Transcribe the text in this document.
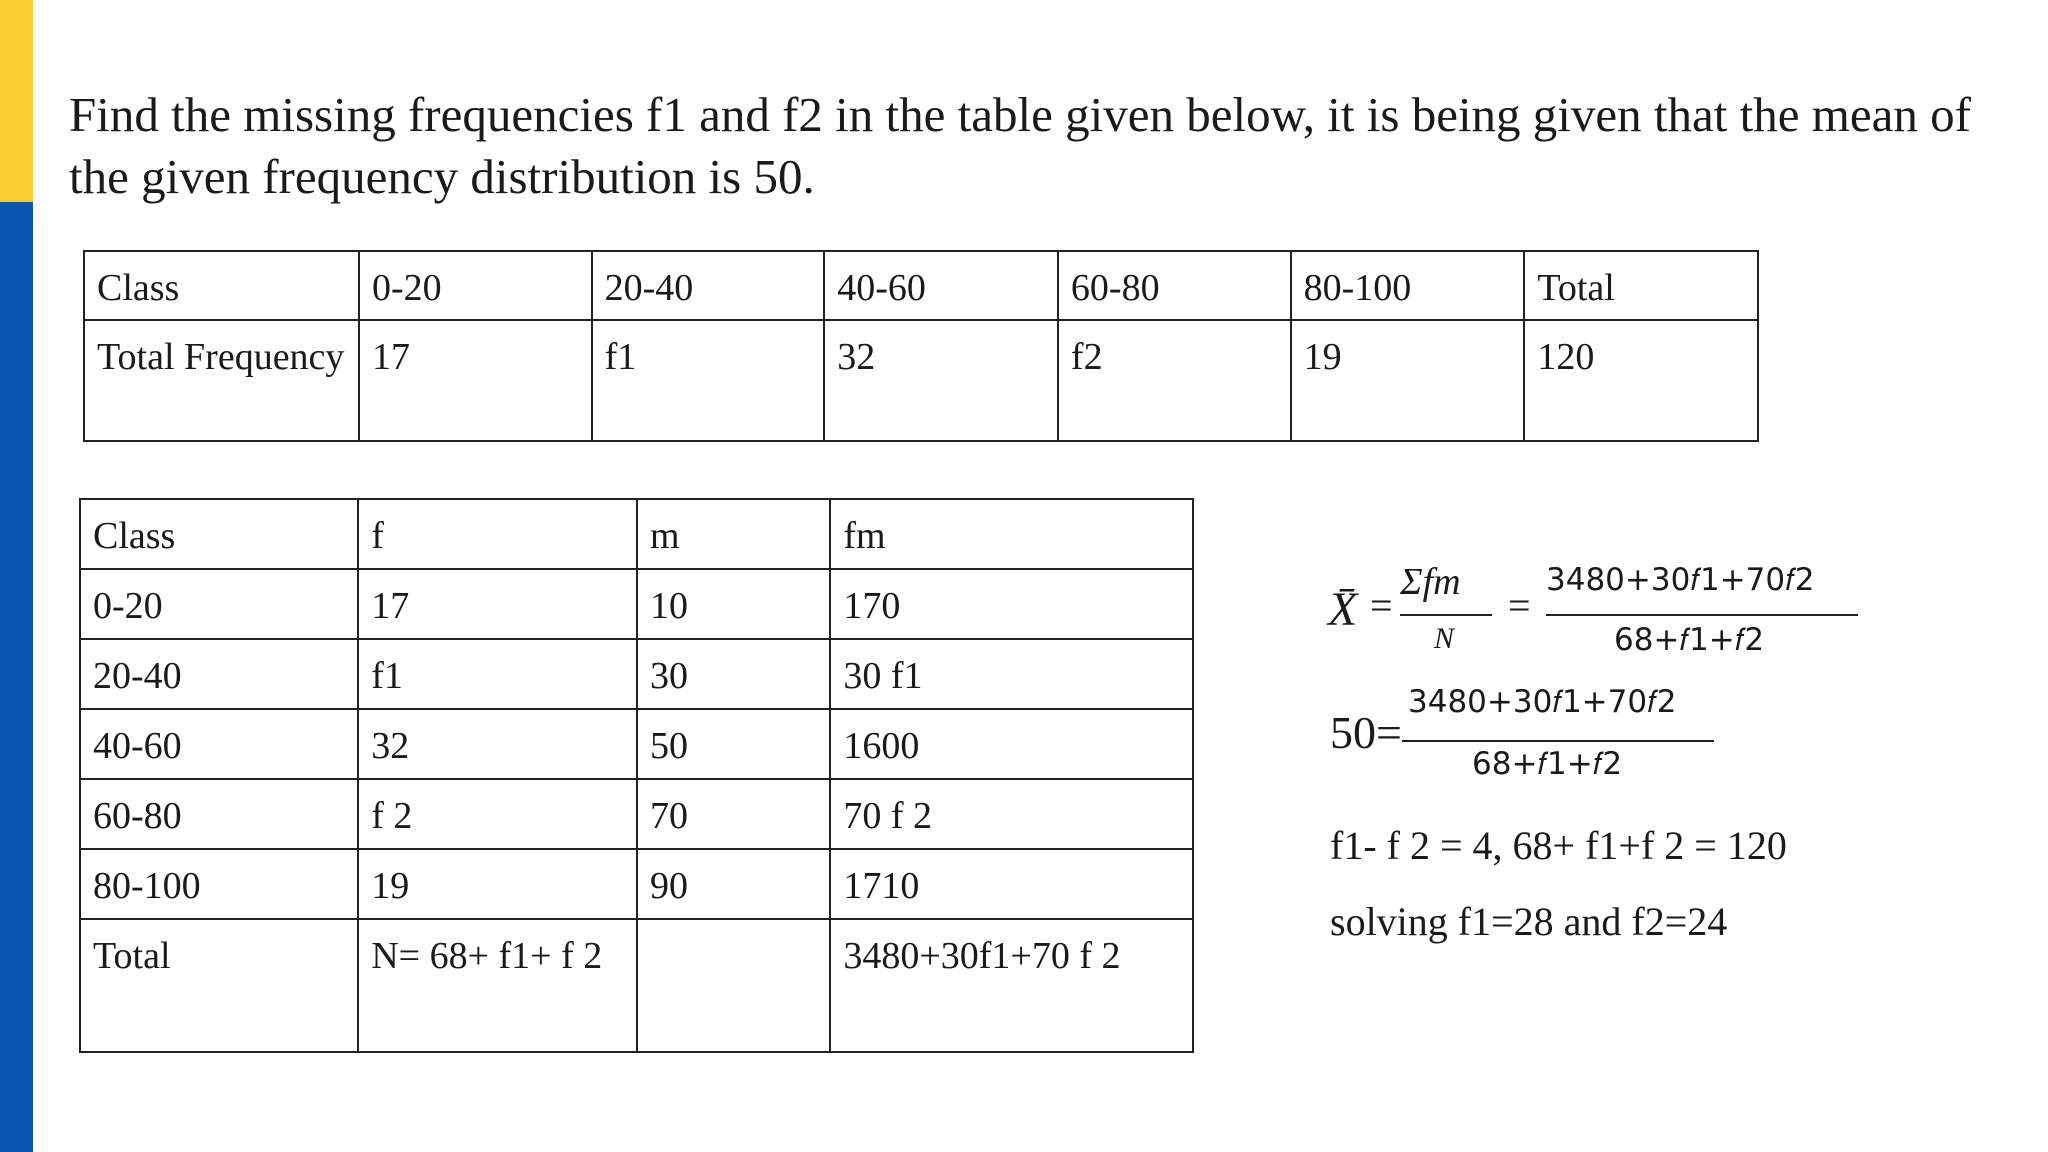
Find the missing frequencies f1 and f2 in the table given below, it is being given that the mean of the given frequency distribution is 50.

Class	0-20	20-40	40-60	60-80	80-100	Total
Total Frequency	17	f1	32	f2	19	120
Class	f	m	fm
0-20	17	10	170
20-40	f1	30	30 f1
40-60	32	50	1600
60-80	f 2	70	70 f 2
80-100	19	90	1710
Total	N= 68+ f1+ f 2		3480+30f1+70 f 2
X̄ =
Σfm
N
=
3480+30𝑓1+70𝑓2
68+𝑓1+𝑓2
50=
3480+30𝑓1+70𝑓2
68+𝑓1+𝑓2
f1- f 2 = 4, 68+ f1+f 2 = 120
solving f1=28 and f2=24
